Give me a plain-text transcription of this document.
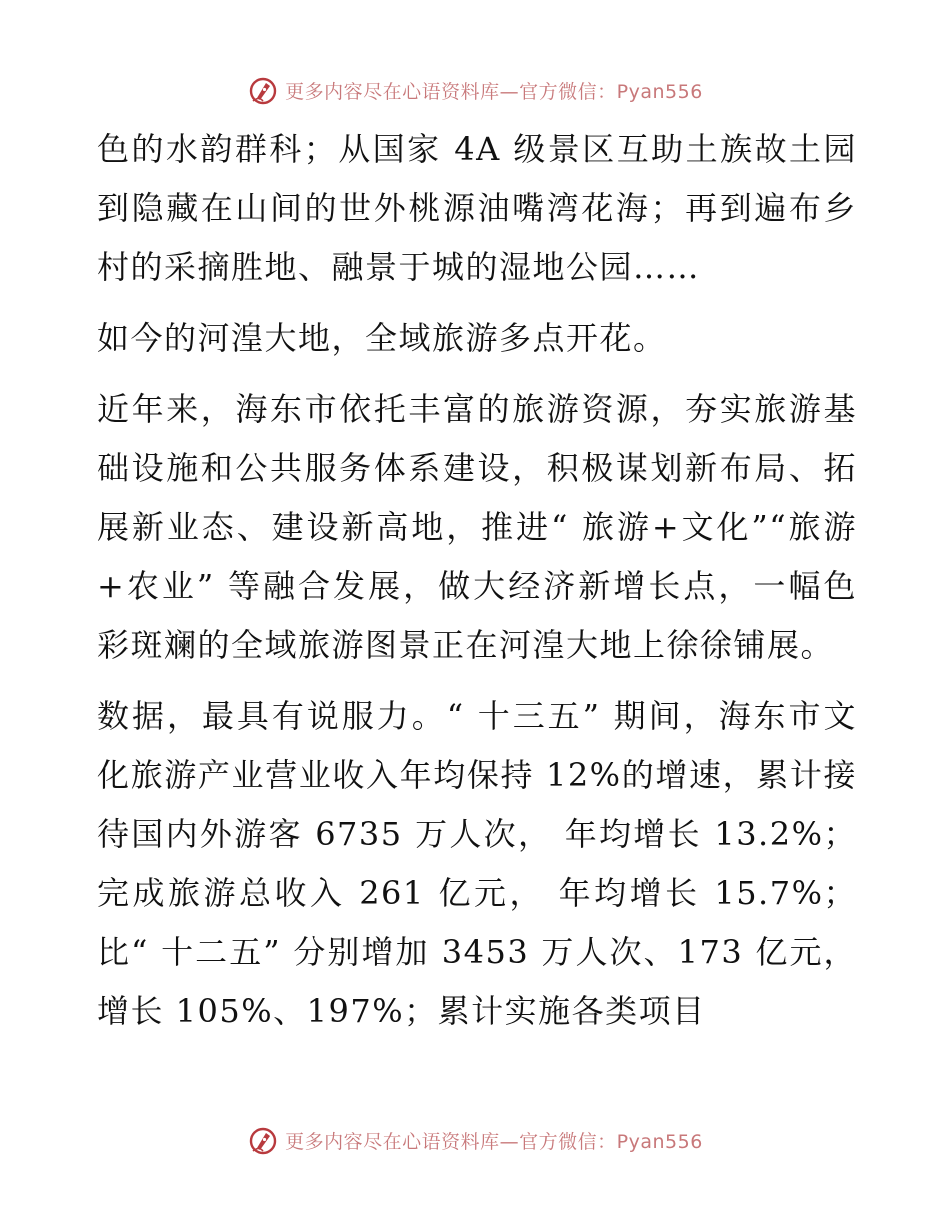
更多内容尽在心语资料库—官方微信：Pyan556

色的水韵群科；从国家 4A 级景区互助土族故土园到隐藏在山间的世外桃源油嘴湾花海；再到遍布乡村的采摘胜地、融景于城的湿地公园……

如今的河湟大地，全域旅游多点开花。

近年来，海东市依托丰富的旅游资源，夯实旅游基础设施和公共服务体系建设，积极谋划新布局、拓展新业态、建设新高地，推进“ 旅游+文化”“旅游+农业” 等融合发展，做大经济新增长点，一幅色彩斑斓的全域旅游图景正在河湟大地上徐徐铺展。

数据，最具有说服力。“ 十三五” 期间，海东市文化旅游产业营业收入年均保持 12%的增速，累计接待国内外游客 6735 万人次， 年均增长 13.2%； 完成旅游总收入 261 亿元， 年均增长 15.7%；比“ 十二五” 分别增加 3453 万人次、173 亿元，增长 105%、197%；累计实施各类项目

更多内容尽在心语资料库—官方微信：Pyan556
